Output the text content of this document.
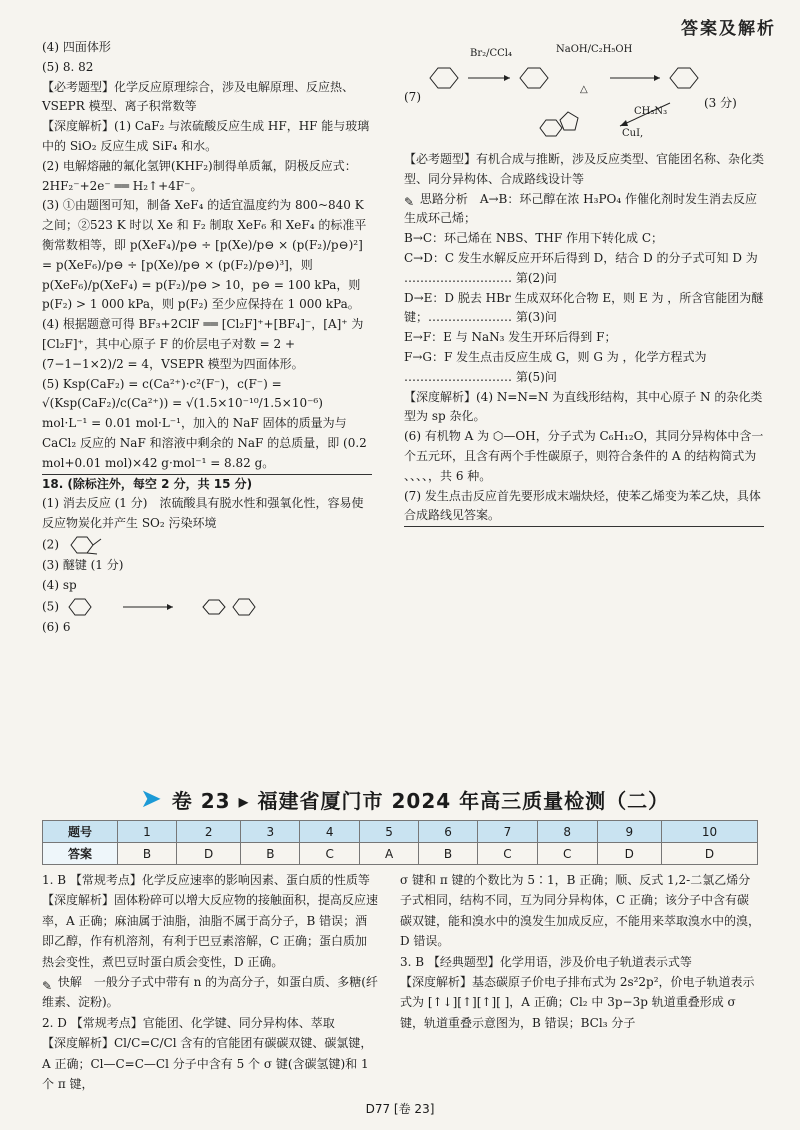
答案及解析

(4) 四面体形

(5) 8. 82

【必考题型】化学反应原理综合，涉及电解原理、反应热、VSEPR 模型、离子积常数等

【深度解析】(1) CaF₂ 与浓硫酸反应生成 HF，HF 能与玻璃中的 SiO₂ 反应生成 SiF₄ 和水。

(2) 电解熔融的氟化氢钾(KHF₂)制得单质氟，阴极反应式：2HF₂⁻+2e⁻ ══ H₂↑+4F⁻。

(3) ①由题图可知，制备 XeF₄ 的适宜温度约为 800~840 K 之间；②523 K 时以 Xe 和 F₂ 制取 XeF₆ 和 XeF₄ 的标准平衡常数相等，即 p(XeF₄)/p⊖ ÷ [p(Xe)/p⊖ × (p(F₂)/p⊖)²] = p(XeF₆)/p⊖ ÷ [p(Xe)/p⊖ × (p(F₂)/p⊖)³]，则 p(XeF₆)/p(XeF₄) = p(F₂)/p⊖ > 10，p⊖ = 100 kPa，则 p(F₂) > 1 000 kPa，则 p(F₂) 至少应保持在 1 000 kPa。

(4) 根据题意可得 BF₃+2ClF ══ [Cl₂F]⁺+[BF₄]⁻，[A]⁺ 为 [Cl₂F]⁺，其中心原子 F 的价层电子对数 = 2 + (7−1−1×2)/2 = 4，VSEPR 模型为四面体形。

(5) Ksp(CaF₂) = c(Ca²⁺)·c²(F⁻)，c(F⁻) = √(Ksp(CaF₂)/c(Ca²⁺)) = √(1.5×10⁻¹⁰/1.5×10⁻⁶) mol·L⁻¹ = 0.01 mol·L⁻¹，加入的 NaF 固体的质量为与 CaCl₂ 反应的 NaF 和溶液中剩余的 NaF 的总质量，即 (0.2 mol+0.01 mol)×42 g·mol⁻¹ = 8.82 g。

18. (除标注外，每空 2 分，共 15 分)

(1) 消去反应 (1 分)　浓硫酸具有脱水性和强氧化性，容易使反应物炭化并产生 SO₂ 污染环境

(2)

(3) 醚键 (1 分)

(4) sp

(5)

(6) 6

(7)
Br₂/CCl₄	NaOH/C₂H₅OH
△
CH₃N₃
CuI,
(3 分)

【必考题型】有机合成与推断，涉及反应类型、官能团名称、杂化类型、同分异构体、合成路线设计等

✎ 思路分析　A→B：环己醇在浓 H₃PO₄ 作催化剂时发生消去反应生成环己烯；

B→C：环己烯在 NBS、THF 作用下转化成 C；

C→D：C 发生水解反应开环后得到 D，结合 D 的分子式可知 D 为 ……………………… 第(2)问

D→E：D 脱去 HBr 生成双环化合物 E，则 E 为 ，所含官能团为醚键；………………… 第(3)问

E→F：E 与 NaN₃ 发生开环后得到 F；

F→G：F 发生点击反应生成 G，则 G 为 ，化学方程式为 ……………………… 第(5)问

【深度解析】(4) N=N=N 为直线形结构，其中心原子 N 的杂化类型为 sp 杂化。

(6) 有机物 A 为 ⬡—OH，分子式为 C₆H₁₂O，其同分异构体中含一个五元环，且含有两个手性碳原子，则符合条件的 A 的结构简式为 、、、、，共 6 种。

(7) 发生点击反应首先要形成末端炔烃，使苯乙烯变为苯乙炔，具体合成路线见答案。

➤ 卷 23 ▸ 福建省厦门市 2024 年高三质量检测（二）
题号	1	2	3	4	5	6	7	8	9	10
答案	B	D	B	C	A	B	C	C	D	D

1. B 【常规考点】化学反应速率的影响因素、蛋白质的性质等

【深度解析】固体粉碎可以增大反应物的接触面积，提高反应速率，A 正确；麻油属于油脂，油脂不属于高分子，B 错误；酒即乙醇，作有机溶剂，有利于巴豆素溶解，C 正确；蛋白质加热会变性，煮巴豆时蛋白质会变性，D 正确。

✎ 快解　一般分子式中带有 n 的为高分子，如蛋白质、多糖(纤维素、淀粉)。

2. D 【常规考点】官能团、化学键、同分异构体、萃取

【深度解析】Cl/C=C/Cl 含有的官能团有碳碳双键、碳氯键，A 正确；Cl—C=C—Cl 分子中含有 5 个 σ 键(含碳氢键)和 1 个 π 键，

σ 键和 π 键的个数比为 5∶1，B 正确；顺、反式 1,2-二氯乙烯分子式相同，结构不同，互为同分异构体，C 正确；该分子中含有碳碳双键，能和溴水中的溴发生加成反应，不能用来萃取溴水中的溴，D 错误。

3. B 【经典题型】化学用语，涉及价电子轨道表示式等

【深度解析】基态碳原子价电子排布式为 2s²2p²，价电子轨道表示式为 [↑↓][↑][↑][ ]，A 正确；Cl₂ 中 3p−3p 轨道重叠形成 σ 键，轨道重叠示意图为，B 错误；BCl₃ 分子

D77 [卷 23]
